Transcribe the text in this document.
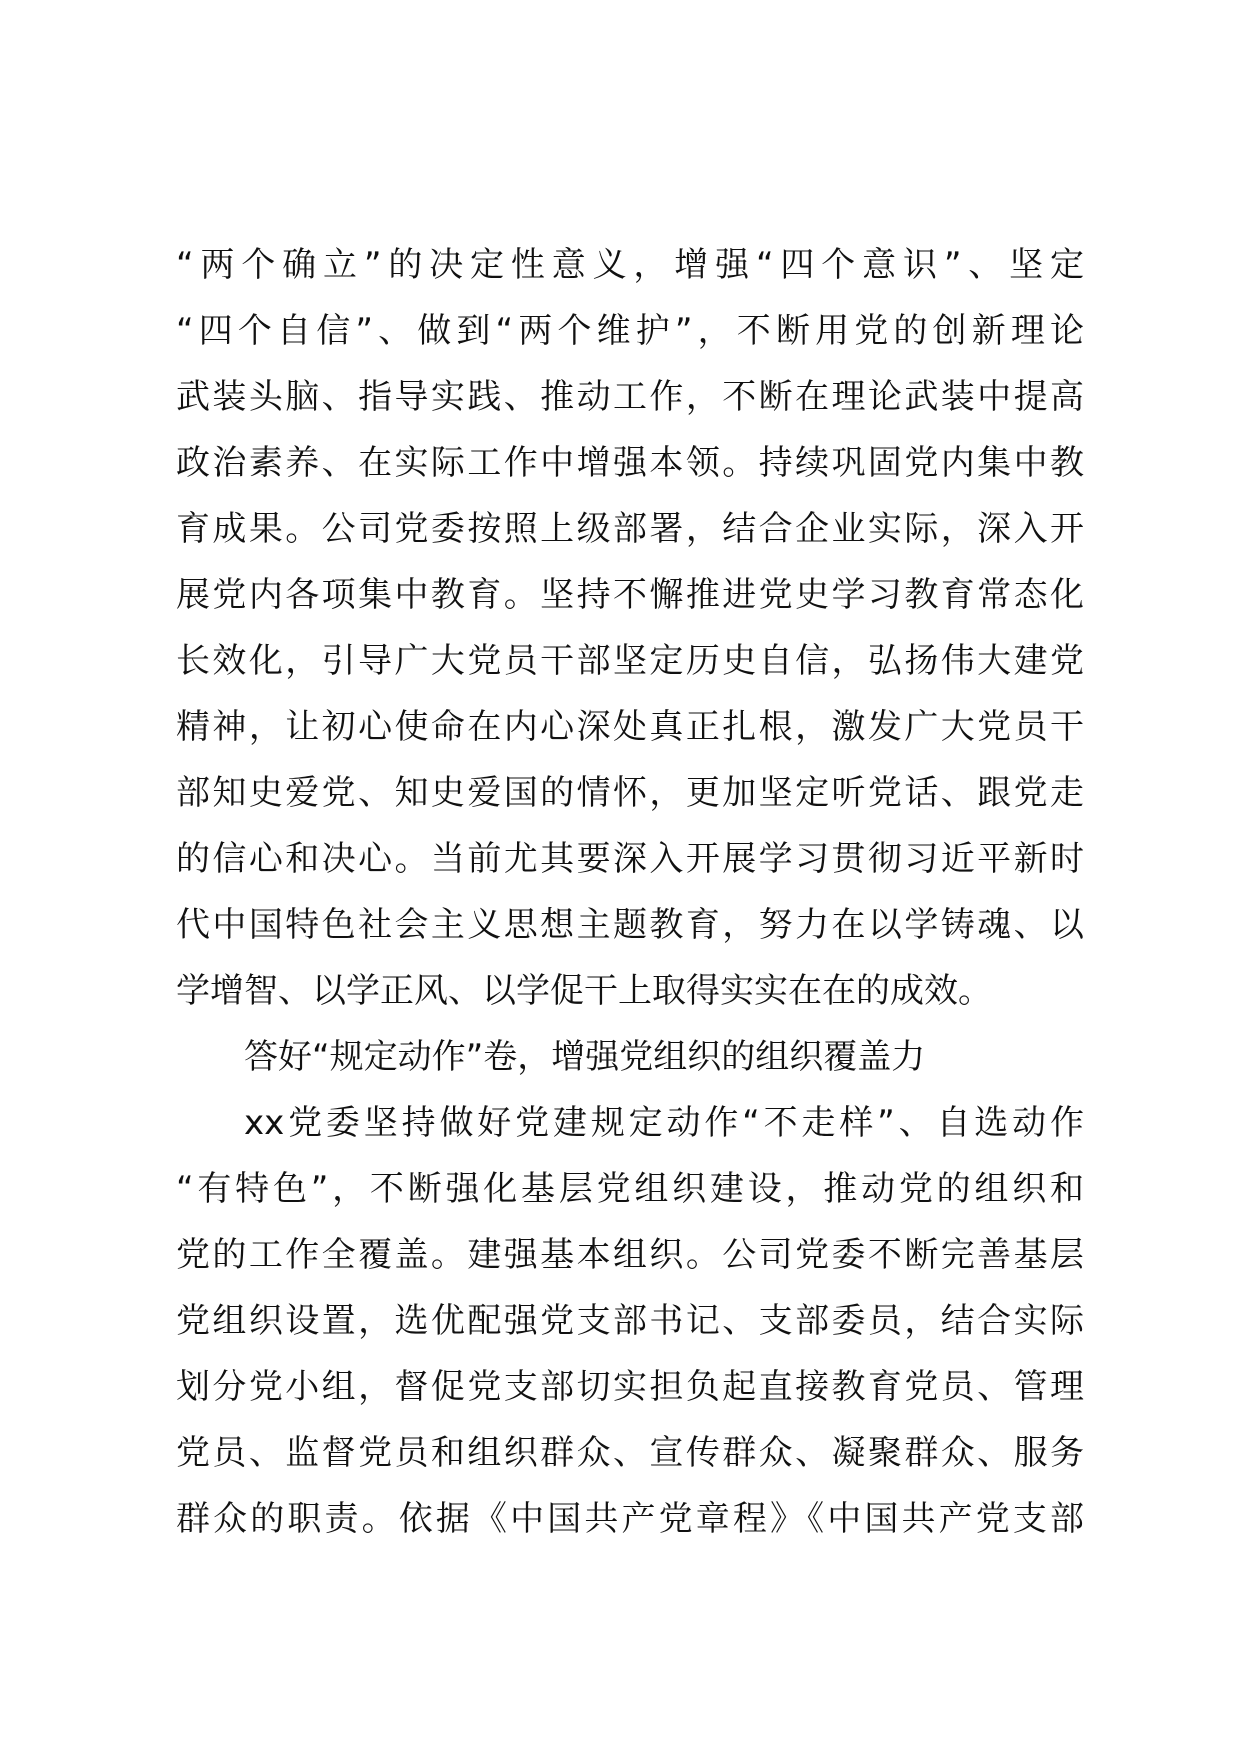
“两个确立”的决定性意义，增强“四个意识”、坚定
“四个自信”、做到“两个维护”，不断用党的创新理论
武装头脑、指导实践、推动工作，不断在理论武装中提高
政治素养、在实际工作中增强本领。持续巩固党内集中教
育成果。公司党委按照上级部署，结合企业实际，深入开
展党内各项集中教育。坚持不懈推进党史学习教育常态化
长效化，引导广大党员干部坚定历史自信，弘扬伟大建党
精神，让初心使命在内心深处真正扎根，激发广大党员干
部知史爱党、知史爱国的情怀，更加坚定听党话、跟党走
的信心和决心。当前尤其要深入开展学习贯彻习近平新时
代中国特色社会主义思想主题教育，努力在以学铸魂、以
学增智、以学正风、以学促干上取得实实在在的成效。
答好“规定动作”卷，增强党组织的组织覆盖力
xx党委坚持做好党建规定动作“不走样”、自选动作
“有特色”，不断强化基层党组织建设，推动党的组织和
党的工作全覆盖。建强基本组织。公司党委不断完善基层
党组织设置，选优配强党支部书记、支部委员，结合实际
划分党小组，督促党支部切实担负起直接教育党员、管理
党员、监督党员和组织群众、宣传群众、凝聚群众、服务
群众的职责。依据《中国共产党章程》《中国共产党支部
